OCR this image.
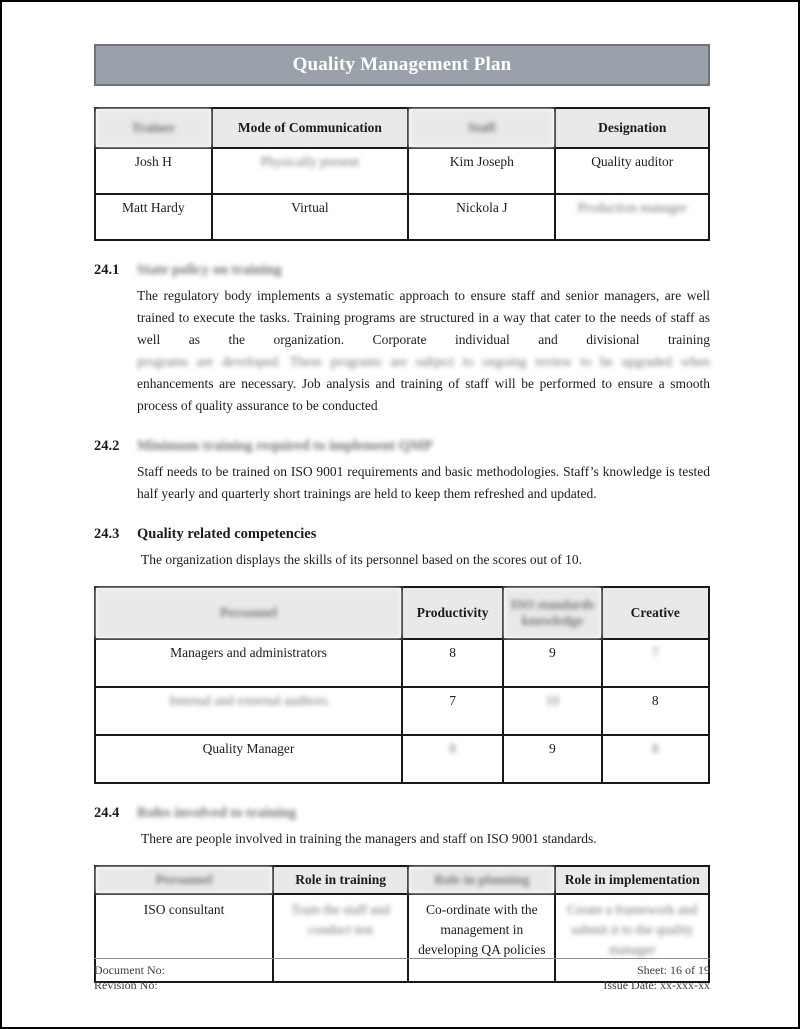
Quality Management Plan
Trainer	Mode of Communication	Staff	Designation
Josh H	Physically present	Kim Joseph	Quality auditor
Matt Hardy	Virtual	Nickola J	Production manager
24.1	State policy on training
The regulatory body implements a systematic approach to ensure staff and senior managers, are well trained to execute the tasks. Training programs are structured in a way that cater to the needs of staff as well as the organization. Corporate individual and divisional training
programs are developed. These programs are subject to ongoing review to be upgraded when
enhancements are necessary. Job analysis and training of staff will be performed to ensure a smooth process of quality assurance to be conducted
24.2	Minimum training required to implement QMP
Staff needs to be trained on ISO 9001 requirements and basic methodologies. Staff’s knowledge is tested half yearly and quarterly short trainings are held to keep them refreshed and updated.
24.3	Quality related competencies
The organization displays the skills of its personnel based on the scores out of 10.
Personnel	Productivity	ISO standards knowledge	Creative
Managers and administrators	8	9	7
Internal and external auditors	7	10	8
Quality Manager	8	9	8
24.4	Roles involved to training
There are people involved in training the managers and staff on ISO 9001 standards.
Personnel	Role in training	Role in planning	Role in implementation
ISO consultant	Train the staff and conduct test	Co-ordinate with the management in developing QA policies	Create a framework and submit it to the quality manager
Document No:	Sheet: 16 of 19
Revision No:	Issue Date: xx-xxx-xx
